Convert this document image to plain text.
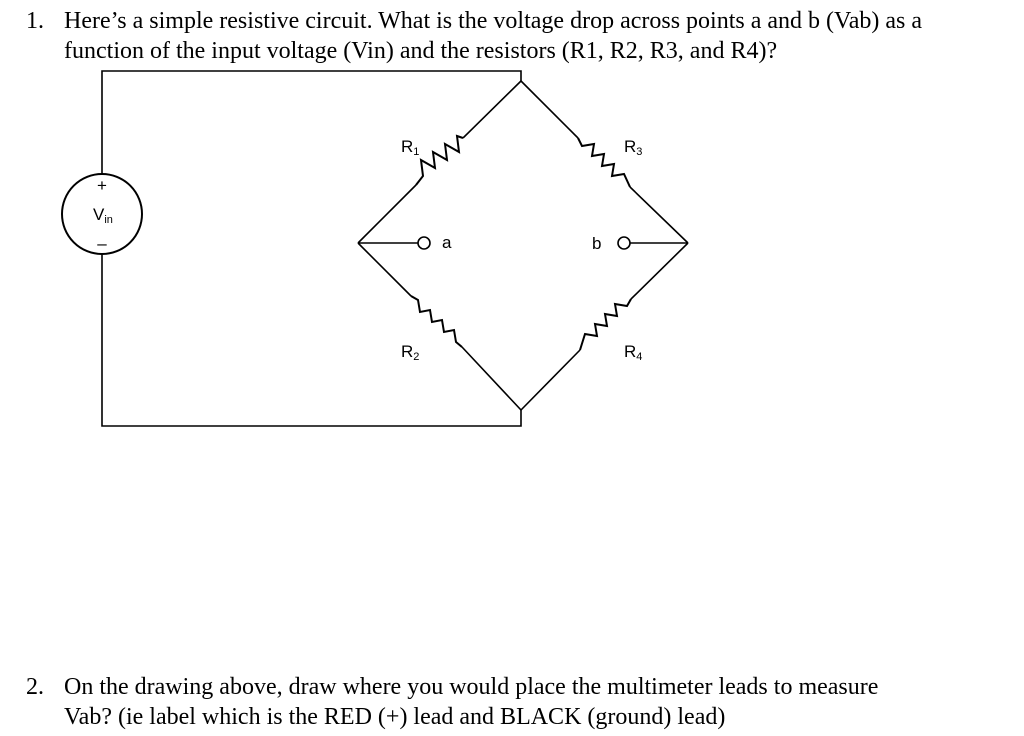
1. Here’s a simple resistive circuit. What is the voltage drop across points a and b (Vab) as a
function of the input voltage (Vin) and the resistors (R1, R2, R3, and R4)?
+
–
Vin
R1
R2
R3
R4
a	b
2. On the drawing above, draw where you would place the multimeter leads to measure
Vab? (ie label which is the RED (+) lead and BLACK (ground) lead)
